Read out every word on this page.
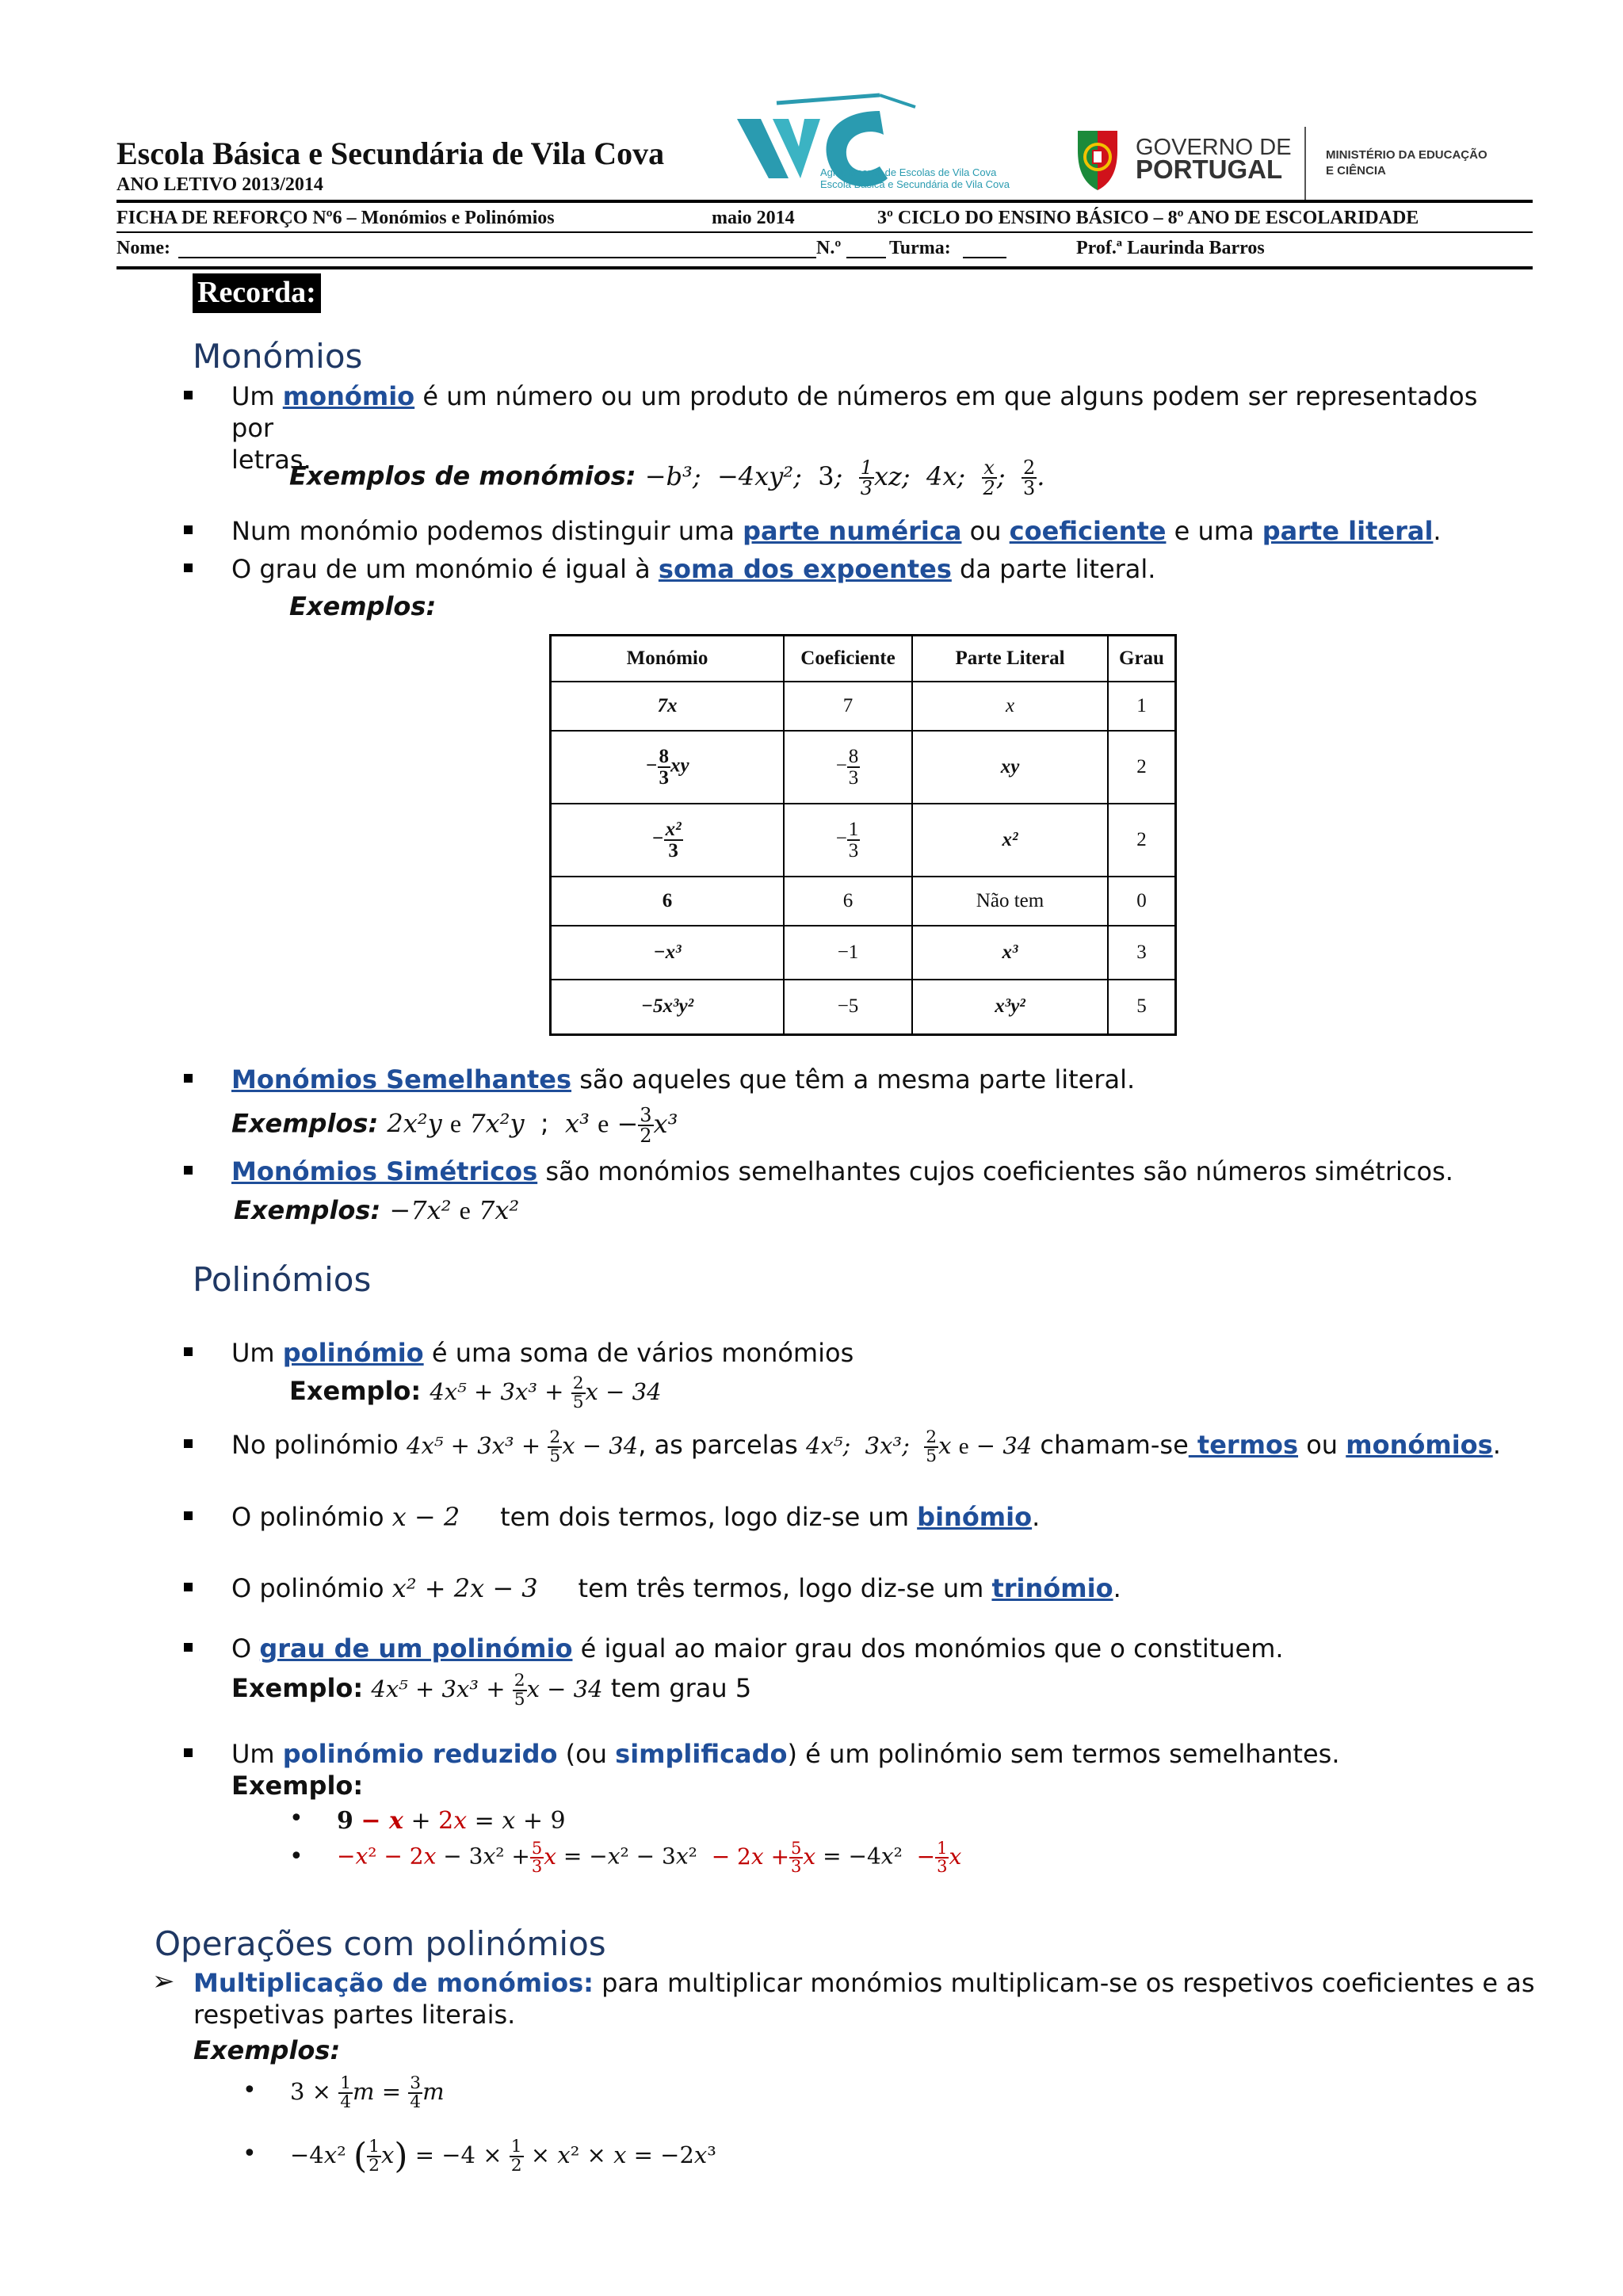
Escola Básica e Secundária de Vila Cova
ANO LETIVO 2013/2014
Agrupamento de Escolas de Vila Cova
Escola Básica e Secundária de Vila Cova
GOVERNO DE
PORTUGAL	MINISTÉRIO DA EDUCAÇÃO
E CIÊNCIA
FICHA DE REFORÇO Nº6 – Monómios e Polinómios	maio 2014	3º CICLO DO ENSINO BÁSICO – 8º ANO DE ESCOLARIDADE
Nome:	N.º	Turma:	Prof.ª Laurinda Barros
Recorda:
Monómios
Um monómio é um número ou um produto de números em que alguns podem ser representados por
letras.
Exemplos de monómios: −b³;  −4xy²;  3; $\frac{1}{3}$ xz;  4x; $\frac{x}{2}$ ; $\frac{2}{3}$ .
Num monómio podemos distinguir uma parte numérica ou coeficiente e uma parte literal.
O grau de um monómio é igual à soma dos expoentes da parte literal.
Exemplos:
Monómio	Coeficiente	Parte Literal	Grau
7x	7	x	1
− $\frac{8}{3}$ xy	− $\frac{8}{3}$	xy	2
− $\frac{\text{x²}}{3}$	− $\frac{1}{3}$	x²	2
6	6	Não tem	0
−x³	−1	x³	3
−5x³y²	−5	x³y²	5
Monómios Semelhantes são aqueles que têm a mesma parte literal.
Exemplos: 2x²y e 7x²y  ;  x³ $e - \frac{3}{2} x^3$
Monómios Simétricos são monómios semelhantes cujos coeficientes são números simétricos.
Exemplos: −7x² e 7x²
Polinómios
Um polinómio é uma soma de vários monómios
Exemplo: $4x^5 + 3x^3 + \frac{2}{5}$ x − 34
No polinómio $4x^5 + 3x^3 + \frac{2}{5}$ x − 34, as parcelas 4x⁵;  3x³; $\frac{2}{5}$ x e − 34 chamam-se termos ou monómios.
O polinómio x − 2 tem dois termos, logo diz-se um binómio.
O polinómio x² + 2x − 3 tem três termos, logo diz-se um trinómio.
O grau de um polinómio é igual ao maior grau dos monómios que o constituem.
Exemplo: $4x^5 + 3x^3 + \frac{2}{5}$ x − 34 tem grau 5
Um polinómio reduzido (ou simplificado) é um polinómio sem termos semelhantes.
Exemplo:
• 9 − x + 2x = x + 9
• $-x^2 - 2x - 3x^2 + \frac{5}{3}$ $x = -x^2 - 3x^2 - 2x + \frac{5}{3}$ $x = -4x^2 - \frac{1}{3}$ x
Operações com polinómios
➢ Multiplicação de monómios: para multiplicar monómios multiplicam-se os respetivos coeficientes e as
respetivas partes literais.
Exemplos:
• $3 \times \frac{1}{4}$ $m = \frac{3}{4}$ m
• −4x² ( $\frac{1}{2} x) = -4 \times \frac{1}{2} \times x^2 \times x = -2x^3$
